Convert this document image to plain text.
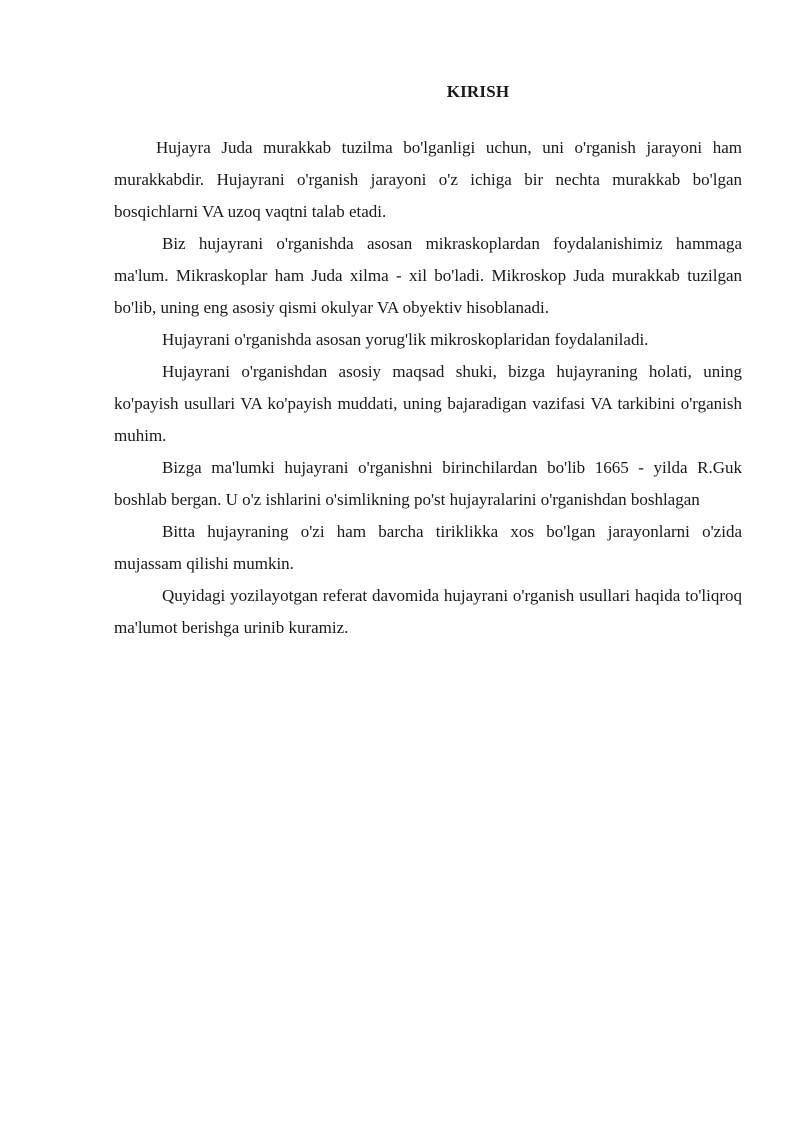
KIRISH

Hujayra Juda murakkab tuzilma bo'lganligi uchun, uni o'rganish jarayoni ham murakkabdir. Hujayrani o'rganish jarayoni o'z ichiga bir nechta murakkab bo'lgan bosqichlarni VA uzoq vaqtni talab etadi.

Biz hujayrani o'rganishda asosan mikraskoplardan foydalanishimiz hammaga ma'lum. Mikraskoplar ham Juda xilma - xil bo'ladi. Mikroskop Juda murakkab tuzilgan bo'lib, uning eng asosiy qismi okulyar VA obyektiv hisoblanadi.

Hujayrani o'rganishda asosan yorug'lik mikroskoplaridan foydalaniladi.

Hujayrani o'rganishdan asosiy maqsad shuki, bizga hujayraning holati, uning ko'payish usullari VA ko'payish muddati, uning bajaradigan vazifasi VA tarkibini o'rganish muhim.

Bizga ma'lumki hujayrani o'rganishni birinchilardan bo'lib 1665 - yilda R.Guk boshlab bergan. U o'z ishlarini o'simlikning po'st hujayralarini o'rganishdan boshlagan

Bitta hujayraning o'zi ham barcha tiriklikka xos bo'lgan jarayonlarni o'zida mujassam qilishi mumkin.

Quyidagi yozilayotgan referat davomida hujayrani o'rganish usullari haqida to'liqroq ma'lumot berishga urinib kuramiz.
